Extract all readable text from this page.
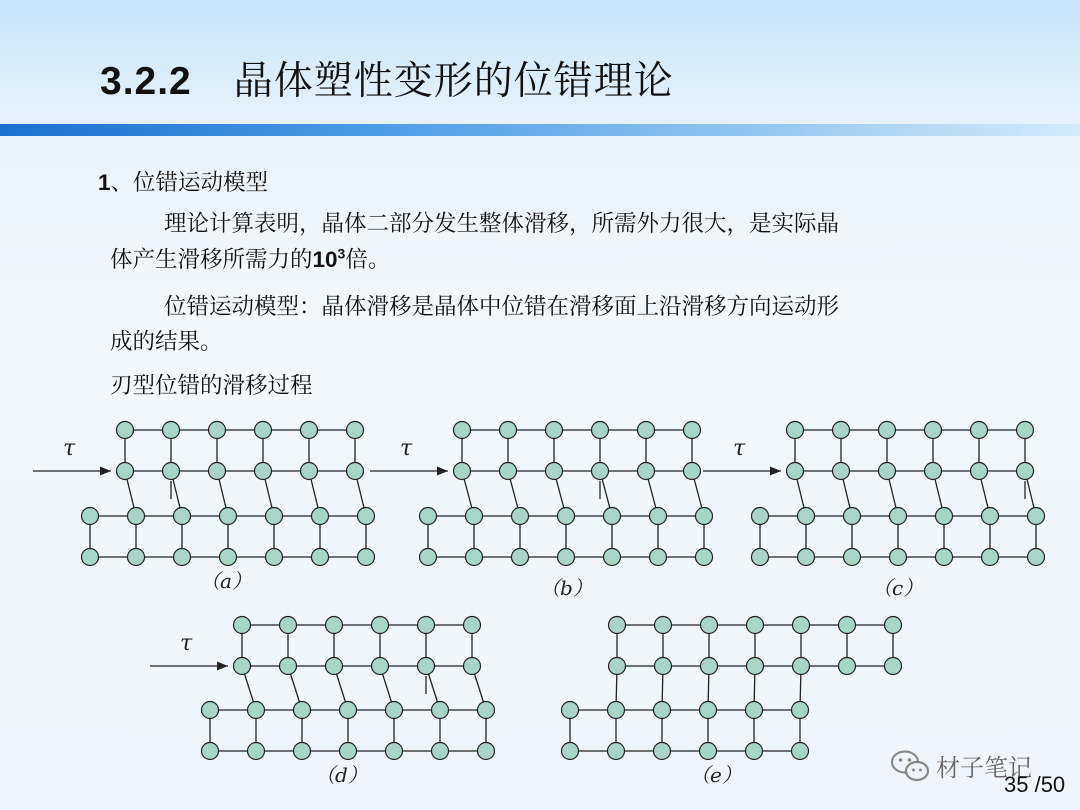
3.2.2 晶体塑性变形的位错理论
1、位错运动模型
理论计算表明，晶体二部分发生整体滑移，所需外力很大，是实际晶
体产生滑移所需力的$10^3$倍。
位错运动模型：晶体滑移是晶体中位错在滑移面上沿滑移方向运动形
成的结果。
刃型位错的滑移过程
τ
（a）
τ
（b）
τ
（c）
τ
（d）	（e）	材子笔记
35 /50
